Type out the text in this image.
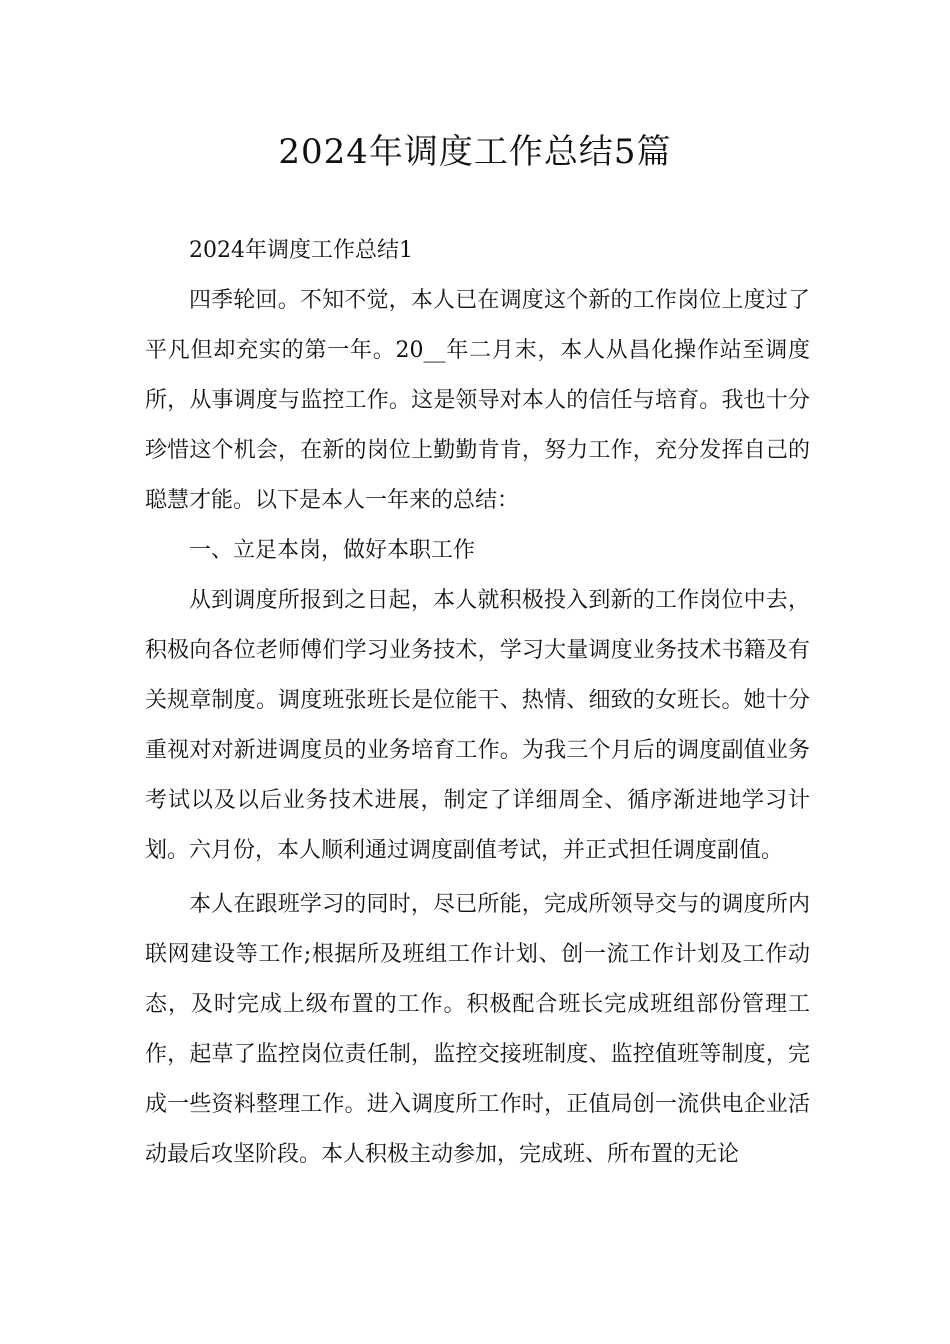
2024年调度工作总结5篇

2024年调度工作总结1

四季轮回。不知不觉，本人已在调度这个新的工作岗位上度过了平凡但却充实的第一年。20__年二月末，本人从昌化操作站至调度所，从事调度与监控工作。这是领导对本人的信任与培育。我也十分珍惜这个机会，在新的岗位上勤勤肯肯，努力工作，充分发挥自己的聪慧才能。以下是本人一年来的总结：

一、立足本岗，做好本职工作

从到调度所报到之日起，本人就积极投入到新的工作岗位中去，积极向各位老师傅们学习业务技术，学习大量调度业务技术书籍及有关规章制度。调度班张班长是位能干、热情、细致的女班长。她十分重视对对新进调度员的业务培育工作。为我三个月后的调度副值业务考试以及以后业务技术进展，制定了详细周全、循序渐进地学习计划。六月份，本人顺利通过调度副值考试，并正式担任调度副值。

本人在跟班学习的同时，尽已所能，完成所领导交与的调度所内联网建设等工作;根据所及班组工作计划、创一流工作计划及工作动态，及时完成上级布置的工作。积极配合班长完成班组部份管理工作，起草了监控岗位责任制，监控交接班制度、监控值班等制度，完成一些资料整理工作。进入调度所工作时，正值局创一流供电企业活动最后攻坚阶段。本人积极主动参加，完成班、所布置的无论
